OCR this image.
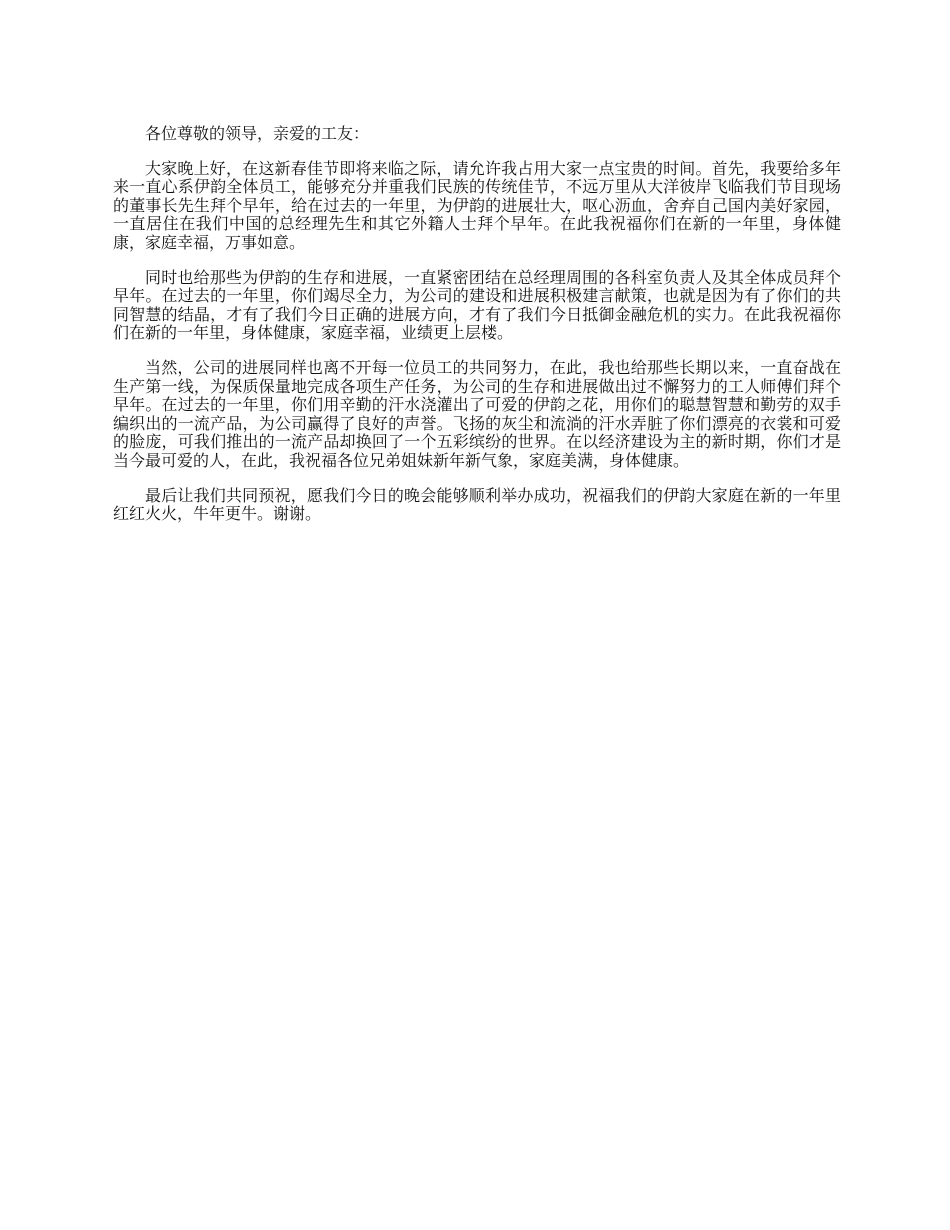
各位尊敬的领导，亲爱的工友：

大家晚上好，在这新春佳节即将来临之际，请允许我占用大家一点宝贵的时间。首先，我要给多年来一直心系伊韵全体员工，能够充分并重我们民族的传统佳节，不远万里从大洋彼岸飞临我们节目现场的董事长先生拜个早年，给在过去的一年里，为伊韵的进展壮大，呕心沥血，舍弃自己国内美好家园，一直居住在我们中国的总经理先生和其它外籍人士拜个早年。在此我祝福你们在新的一年里，身体健康，家庭幸福，万事如意。

同时也给那些为伊韵的生存和进展，一直紧密团结在总经理周围的各科室负责人及其全体成员拜个早年。在过去的一年里，你们竭尽全力，为公司的建设和进展积极建言献策，也就是因为有了你们的共同智慧的结晶，才有了我们今日正确的进展方向，才有了我们今日抵御金融危机的实力。在此我祝福你们在新的一年里，身体健康，家庭幸福，业绩更上层楼。

当然，公司的进展同样也离不开每一位员工的共同努力，在此，我也给那些长期以来，一直奋战在生产第一线，为保质保量地完成各项生产任务，为公司的生存和进展做出过不懈努力的工人师傅们拜个早年。在过去的一年里，你们用辛勤的汗水浇灌出了可爱的伊韵之花，用你们的聪慧智慧和勤劳的双手编织出的一流产品，为公司赢得了良好的声誉。飞扬的灰尘和流淌的汗水弄脏了你们漂亮的衣裳和可爱的脸庞，可我们推出的一流产品却换回了一个五彩缤纷的世界。在以经济建设为主的新时期，你们才是当今最可爱的人，在此，我祝福各位兄弟姐妹新年新气象，家庭美满，身体健康。

最后让我们共同预祝，愿我们今日的晚会能够顺利举办成功，祝福我们的伊韵大家庭在新的一年里红红火火，牛年更牛。谢谢。
